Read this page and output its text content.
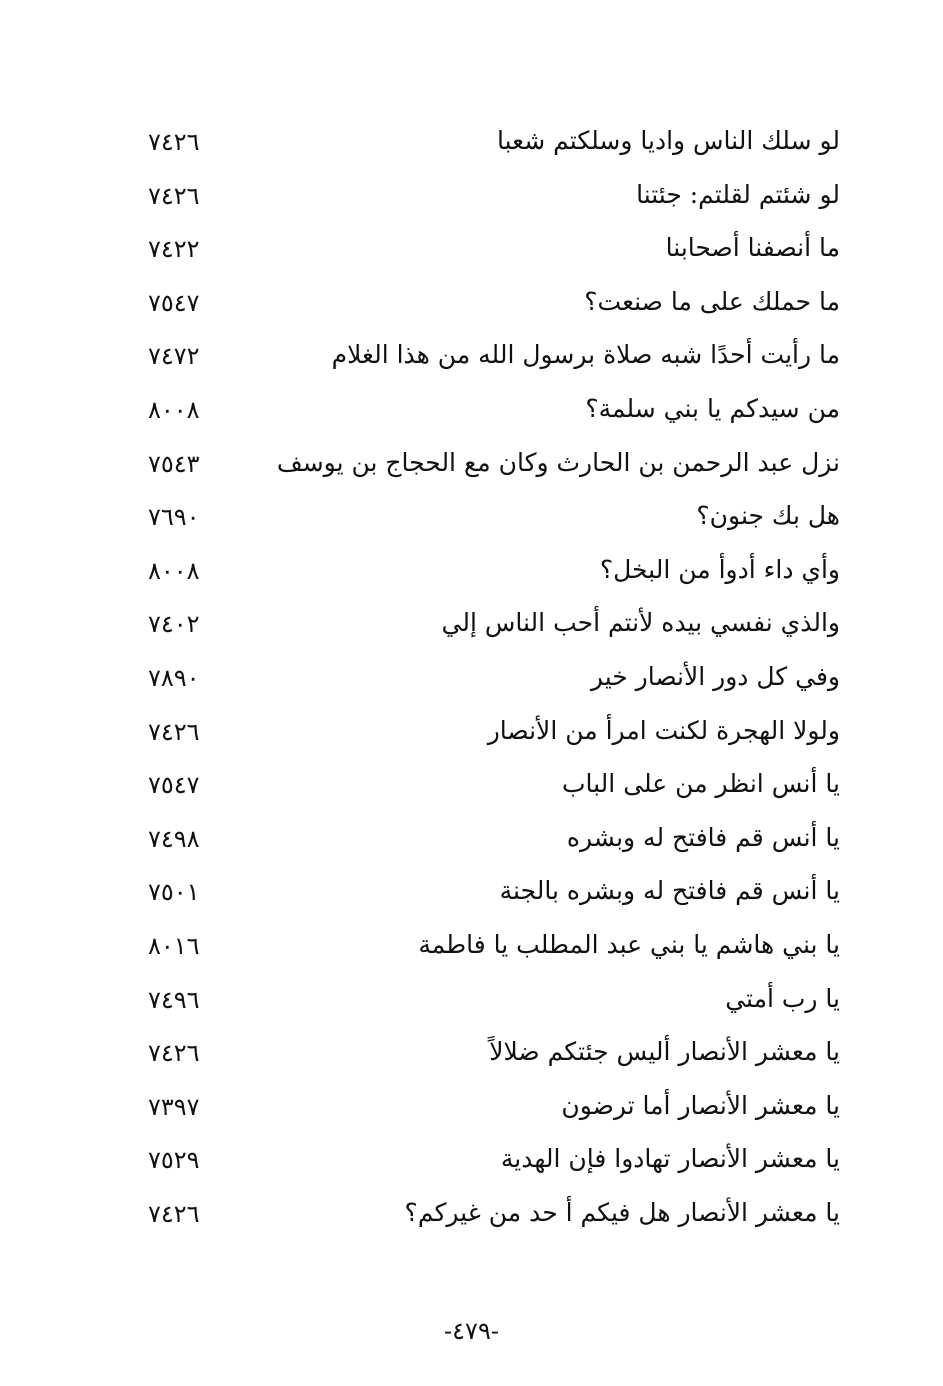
لو سلك الناس واديا وسلكتم شعبا
٧٤٢٦
لو شئتم لقلتم: جئتنا
٧٤٢٦
ما أنصفنا أصحابنا
٧٤٢٢
ما حملك على ما صنعت؟
٧٥٤٧
ما رأيت أحدًا شبه صلاة برسول الله من هذا الغلام
٧٤٧٢
من سيدكم يا بني سلمة؟
٨٠٠٨
نزل عبد الرحمن بن الحارث وكان مع الحجاج بن يوسف
٧٥٤٣
هل بك جنون؟
٧٦٩٠
وأي داء أدوأ من البخل؟
٨٠٠٨
والذي نفسي بيده لأنتم أحب الناس إلي
٧٤٠٢
وفي كل دور الأنصار خير
٧٨٩٠
ولولا الهجرة لكنت امرأ من الأنصار
٧٤٢٦
يا أنس انظر من على الباب
٧٥٤٧
يا أنس قم فافتح له وبشره
٧٤٩٨
يا أنس قم فافتح له وبشره بالجنة
٧٥٠١
يا بني هاشم يا بني عبد المطلب يا فاطمة
٨٠١٦
يا رب أمتي
٧٤٩٦
يا معشر الأنصار أليس جئتكم ضلالاً
٧٤٢٦
يا معشر الأنصار أما ترضون
٧٣٩٧
يا معشر الأنصار تهادوا فإن الهدية
٧٥٢٩
يا معشر الأنصار هل فيكم أ حد من غيركم؟
٧٤٢٦
-٤٧٩-
